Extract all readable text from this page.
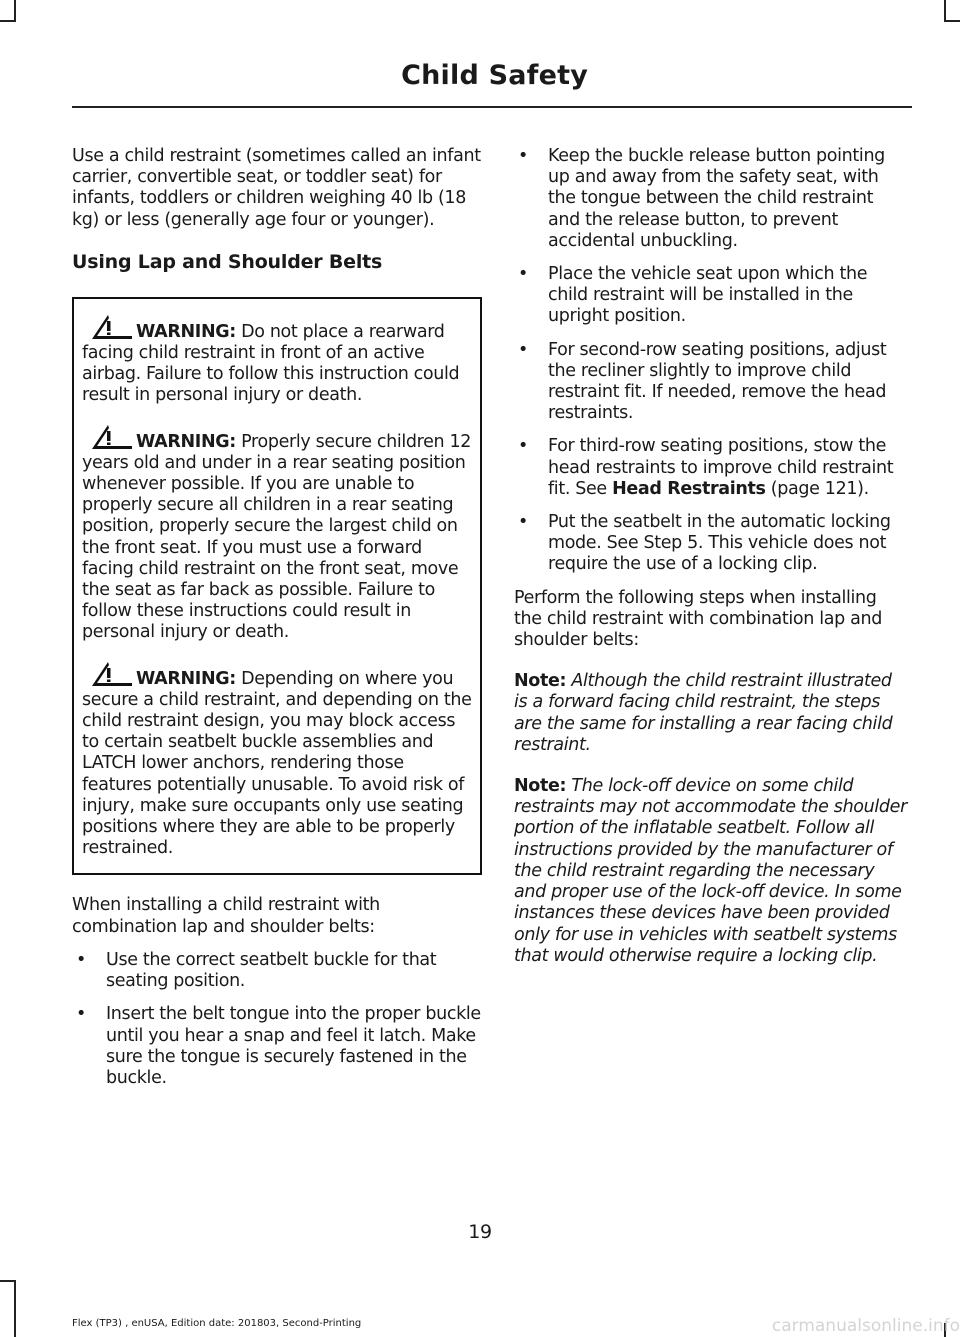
Child Safety

Use a child restraint (sometimes called an infant carrier, convertible seat, or toddler seat) for infants, toddlers or children weighing 40 lb (18 kg) or less (generally age four or younger).

Using Lap and Shoulder Belts

WARNING: Do not place a rearward facing child restraint in front of an active airbag. Failure to follow this instruction could result in personal injury or death.

WARNING: Properly secure children 12 years old and under in a rear seating position whenever possible. If you are unable to properly secure all children in a rear seating position, properly secure the largest child on the front seat. If you must use a forward facing child restraint on the front seat, move the seat as far back as possible. Failure to follow these instructions could result in personal injury or death.

WARNING: Depending on where you secure a child restraint, and depending on the child restraint design, you may block access to certain seatbelt buckle assemblies and LATCH lower anchors, rendering those features potentially unusable. To avoid risk of injury, make sure occupants only use seating positions where they are able to be properly restrained.

When installing a child restraint with combination lap and shoulder belts:

• Use the correct seatbelt buckle for that seating position.
• Insert the belt tongue into the proper buckle until you hear a snap and feel it latch. Make sure the tongue is securely fastened in the buckle.
• Keep the buckle release button pointing up and away from the safety seat, with the tongue between the child restraint and the release button, to prevent accidental unbuckling.
• Place the vehicle seat upon which the child restraint will be installed in the upright position.
• For second-row seating positions, adjust the recliner slightly to improve child restraint fit. If needed, remove the head restraints.
• For third-row seating positions, stow the head restraints to improve child restraint fit. See Head Restraints (page 121).
• Put the seatbelt in the automatic locking mode. See Step 5. This vehicle does not require the use of a locking clip.

Perform the following steps when installing the child restraint with combination lap and shoulder belts:

Note: Although the child restraint illustrated is a forward facing child restraint, the steps are the same for installing a rear facing child restraint.

Note: The lock-off device on some child restraints may not accommodate the shoulder portion of the inflatable seatbelt. Follow all instructions provided by the manufacturer of the child restraint regarding the necessary and proper use of the lock-off device. In some instances these devices have been provided only for use in vehicles with seatbelt systems that would otherwise require a locking clip.

19

Flex (TP3) , enUSA, Edition date: 201803, Second-Printing	carmanualsonline.info
